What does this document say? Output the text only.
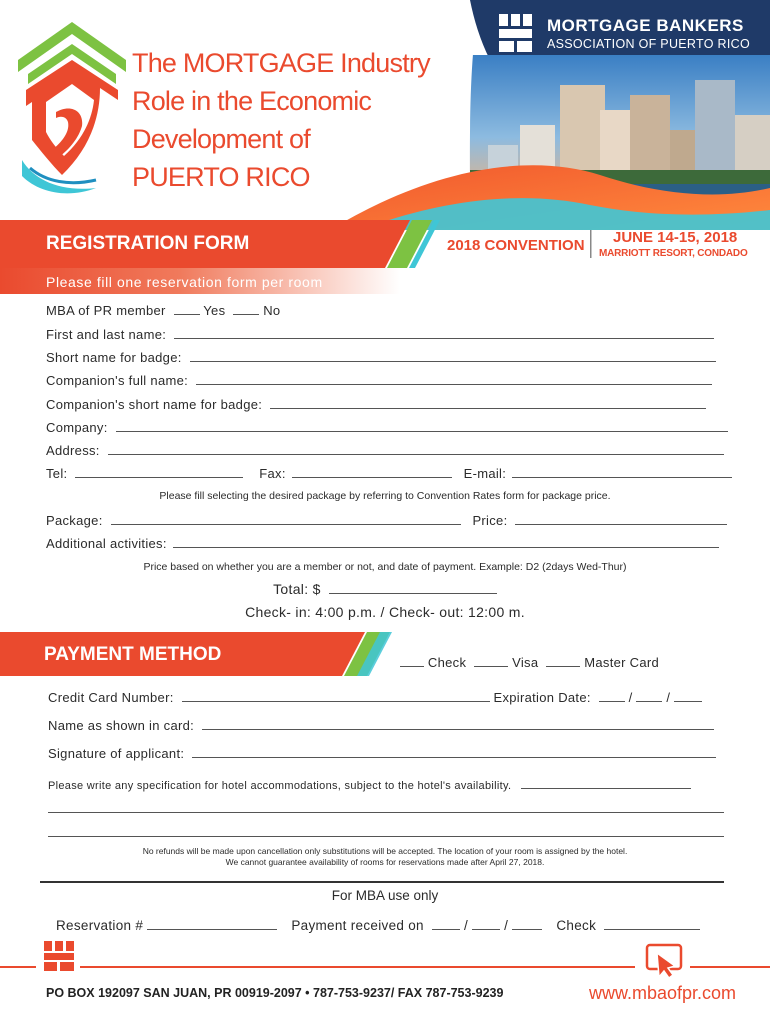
The MORTGAGE Industry
Role in the Economic
Development of
PUERTO RICO
MORTGAGE BANKERS
ASSOCIATION OF PUERTO RICO
REGISTRATION FORM	2018 CONVENTION JUNE 14-15, 2018
MARRIOTT RESORT, CONDADO
Please fill one reservation form per room
MBA of PR member	Yes	No
First and last name:
Short name for badge:
Companion's full name:
Companion's short name for badge:
Company:
Address:
Tel:	Fax:	E-mail:
Please fill selecting the desired package by referring to Convention Rates form for package price.
Package:	Price:
Additional activities:
Price based on whether you are a member or not, and date of payment. Example: D2 (2days Wed-Thur)
Total: $
Check- in: 4:00 p.m. / Check- out: 12:00 m.
PAYMENT METHOD	Check	Visa	Master Card
Credit Card Number:	Expiration Date:	/	/
Name as shown in card:
Signature of applicant:
Please write any specification for hotel accommodations, subject to the hotel's availability.
No refunds will be made upon cancellation only substitutions will be accepted. The location of your room is assigned by the hotel.
We cannot guarantee availability of rooms for reservations made after April 27, 2018.
For MBA use only
Reservation #	Payment received on	/	/	Check
PO BOX 192097 SAN JUAN, PR 00919-2097 • 787-753-9237/ FAX 787-753-9239	www.mbaofpr.com
